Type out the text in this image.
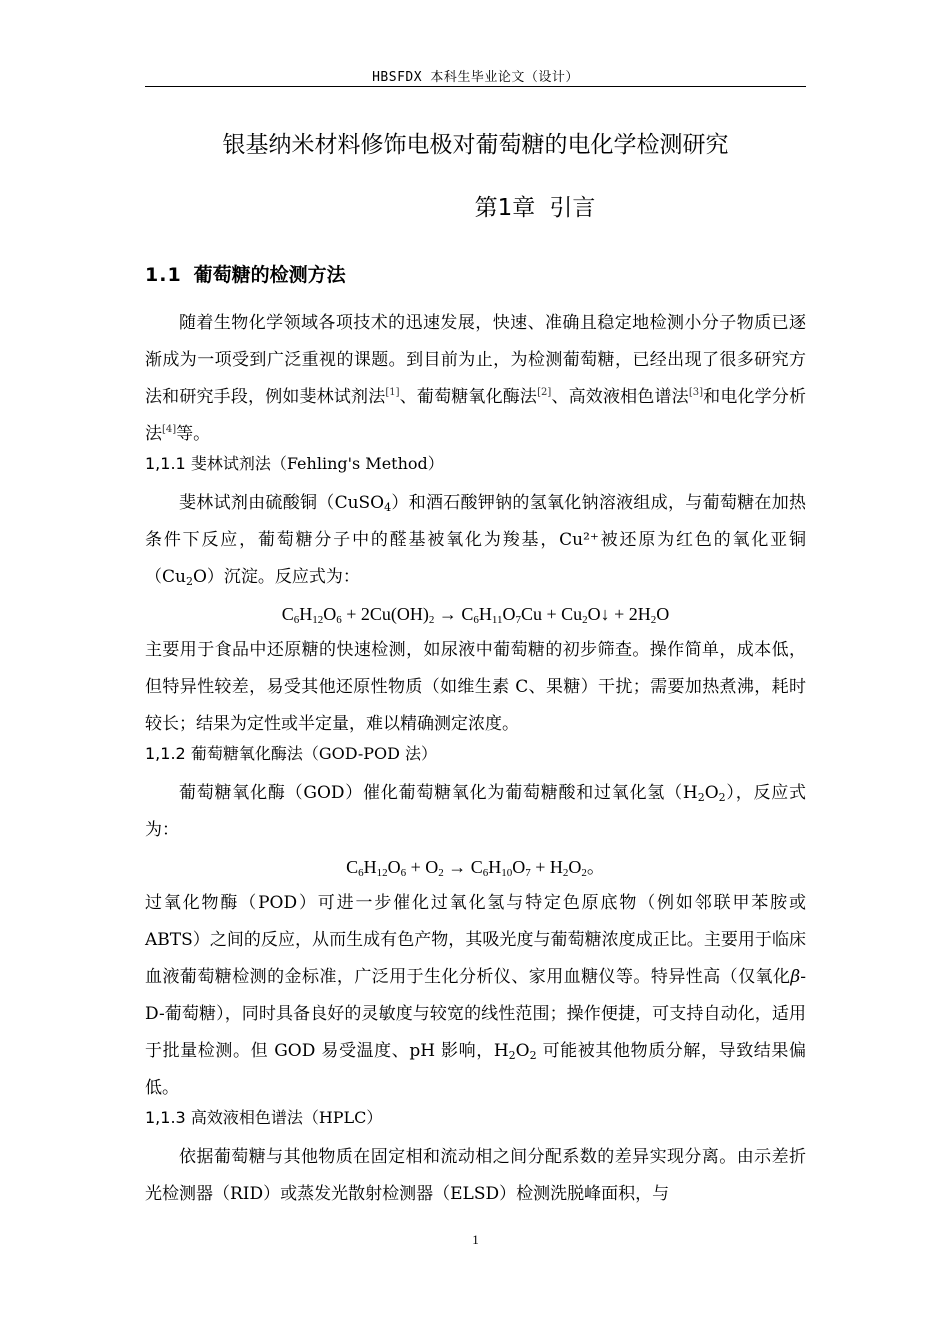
HBSFDX 本科生毕业论文（设计）
银基纳米材料修饰电极对葡萄糖的电化学检测研究
第1章 引言
1.1 葡萄糖的检测方法

随着生物化学领域各项技术的迅速发展，快速、准确且稳定地检测小分子物质已逐渐成为一项受到广泛重视的课题。到目前为止，为检测葡萄糖，已经出现了很多研究方法和研究手段，例如斐林试剂法[1]、葡萄糖氧化酶法[2]、高效液相色谱法[3]和电化学分析法[4]等。

1,1.1 斐林试剂法（Fehling's Method）

斐林试剂由硫酸铜（CuSO$_4$）和酒石酸钾钠的氢氧化钠溶液组成，与葡萄糖在加热条件下反应，葡萄糖分子中的醛基被氧化为羧基，Cu²⁺被还原为红色的氧化亚铜$(Cu_2O)$沉淀。反应式为：

$C_6H_{12}O_6 + 2Cu(OH)_2 \to C_6H_{11}O_7Cu$ + $Cu_2O↓ + 2H_2O$

主要用于食品中还原糖的快速检测，如尿液中葡萄糖的初步筛查。操作简单，成本低，但特异性较差，易受其他还原性物质（如维生素 C、果糖）干扰；需要加热煮沸，耗时较长；结果为定性或半定量，难以精确测定浓度。

1,1.2 葡萄糖氧化酶法（GOD-POD 法）

葡萄糖氧化酶（GOD）催化葡萄糖氧化为葡萄糖酸和过氧化氢$(H_2O_2)$，反应式为：

$C_6H_{12}O_6 + O_2 \to C_6H_{10}O_7 + H_2O_2$。

过氧化物酶（POD）可进一步催化过氧化氢与特定色原底物（例如邻联甲苯胺或 ABTS）之间的反应，从而生成有色产物，其吸光度与葡萄糖浓度成正比。主要用于临床血液葡萄糖检测的金标准，广泛用于生化分析仪、家用血糖仪等。特异性高（仅氧化β-D-葡萄糖），同时具备良好的灵敏度与较宽的线性范围；操作便捷，可支持自动化，适用于批量检测。但 GOD 易受温度、pH 影响，$H_2O_2$ 可能被其他物质分解，导致结果偏低。

1,1.3 高效液相色谱法（HPLC）

依据葡萄糖与其他物质在固定相和流动相之间分配系数的差异实现分离。由示差折光检测器（RID）或蒸发光散射检测器（ELSD）检测洗脱峰面积，与

1
